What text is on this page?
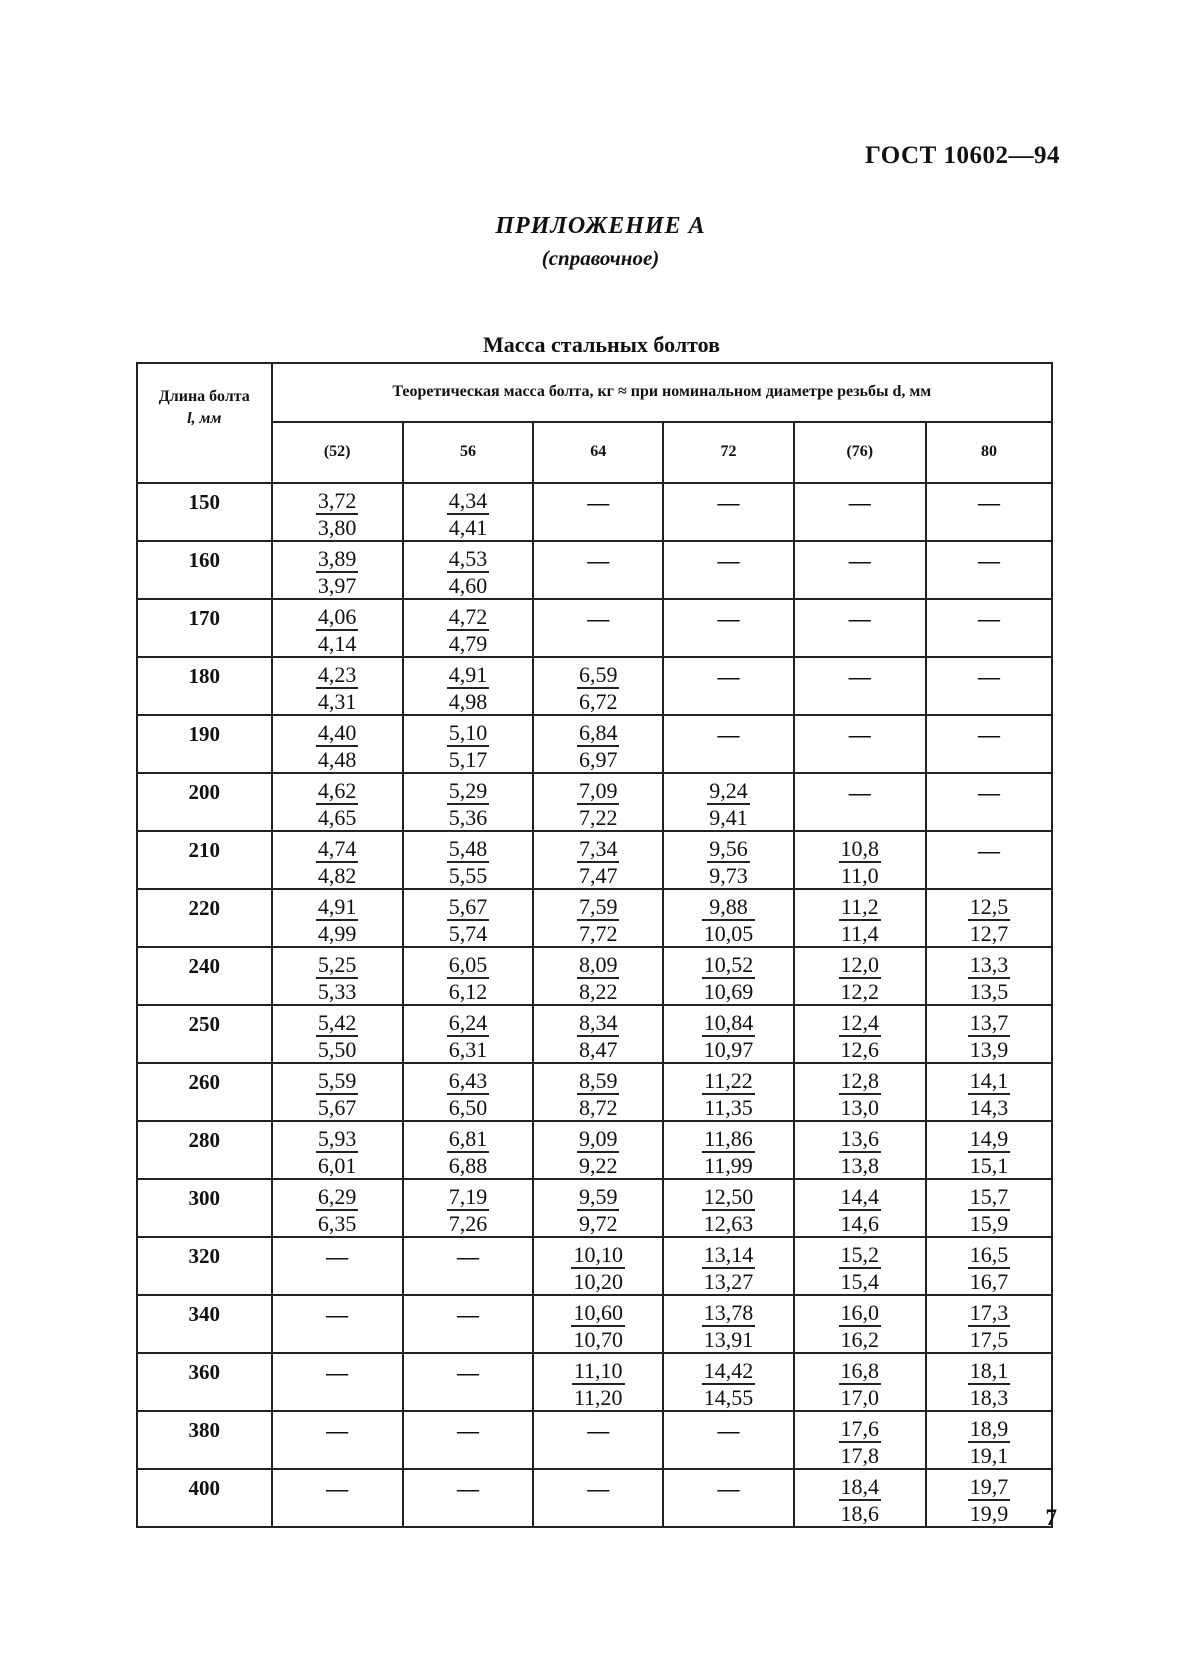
ГОСТ 10602—94
ПРИЛОЖЕНИЕ А
(справочное)
Масса стальных болтов
Длина болта
l, мм	Теоретическая масса болта, кг ≈ при номинальном диаметре резьбы d, мм					
	(52)	56	64	72	(76)	80
150	$\frac{3,72}{3,80}$	$\frac{4,34}{4,41}$	—	—	—	—
160	$\frac{3,89}{3,97}$	$\frac{4,53}{4,60}$	—	—	—	—
170	$\frac{4,06}{4,14}$	$\frac{4,72}{4,79}$	—	—	—	—
180	$\frac{4,23}{4,31}$	$\frac{4,91}{4,98}$	$\frac{6,59}{6,72}$	—	—	—
190	$\frac{4,40}{4,48}$	$\frac{5,10}{5,17}$	$\frac{6,84}{6,97}$	—	—	—
200	$\frac{4,62}{4,65}$	$\frac{5,29}{5,36}$	$\frac{7,09}{7,22}$	$\frac{9,24}{9,41}$	—	—
210	$\frac{4,74}{4,82}$	$\frac{5,48}{5,55}$	$\frac{7,34}{7,47}$	$\frac{9,56}{9,73}$	$\frac{10,8}{11,0}$	—
220	$\frac{4,91}{4,99}$	$\frac{5,67}{5,74}$	$\frac{7,59}{7,72}$	$\frac{9,88}{10,05}$	$\frac{11,2}{11,4}$	$\frac{12,5}{12,7}$

240	$\frac{5,25}{5,33}$	$\frac{6,05}{6,12}$	$\frac{8,09}{8,22}$	$\frac{10,52}{10,69}$	$\frac{12,0}{12,2}$	$\frac{13,3}{13,5}$

250	$\frac{5,42}{5,50}$	$\frac{6,24}{6,31}$	$\frac{8,34}{8,47}$	$\frac{10,84}{10,97}$	$\frac{12,4}{12,6}$	$\frac{13,7}{13,9}$

260	$\frac{5,59}{5,67}$	$\frac{6,43}{6,50}$	$\frac{8,59}{8,72}$	$\frac{11,22}{11,35}$	$\frac{12,8}{13,0}$	$\frac{14,1}{14,3}$

280	$\frac{5,93}{6,01}$	$\frac{6,81}{6,88}$	$\frac{9,09}{9,22}$	$\frac{11,86}{11,99}$	$\frac{13,6}{13,8}$	$\frac{14,9}{15,1}$

300	$\frac{6,29}{6,35}$	$\frac{7,19}{7,26}$	$\frac{9,59}{9,72}$	$\frac{12,50}{12,63}$	$\frac{14,4}{14,6}$	$\frac{15,7}{15,9}$

320	—	—	$\frac{10,10}{10,20}$	$\frac{13,14}{13,27}$	$\frac{15,2}{15,4}$	$\frac{16,5}{16,7}$

340	—	—	$\frac{10,60}{10,70}$	$\frac{13,78}{13,91}$	$\frac{16,0}{16,2}$	$\frac{17,3}{17,5}$

360	—	—	$\frac{11,10}{11,20}$	$\frac{14,42}{14,55}$	$\frac{16,8}{17,0}$	$\frac{18,1}{18,3}$

380	—	—	—	—	$\frac{17,6}{17,8}$	$\frac{18,9}{19,1}$

400	—	—	—	—	$\frac{18,4}{18,6}$	$\frac{19,7}{19,9} 7$
